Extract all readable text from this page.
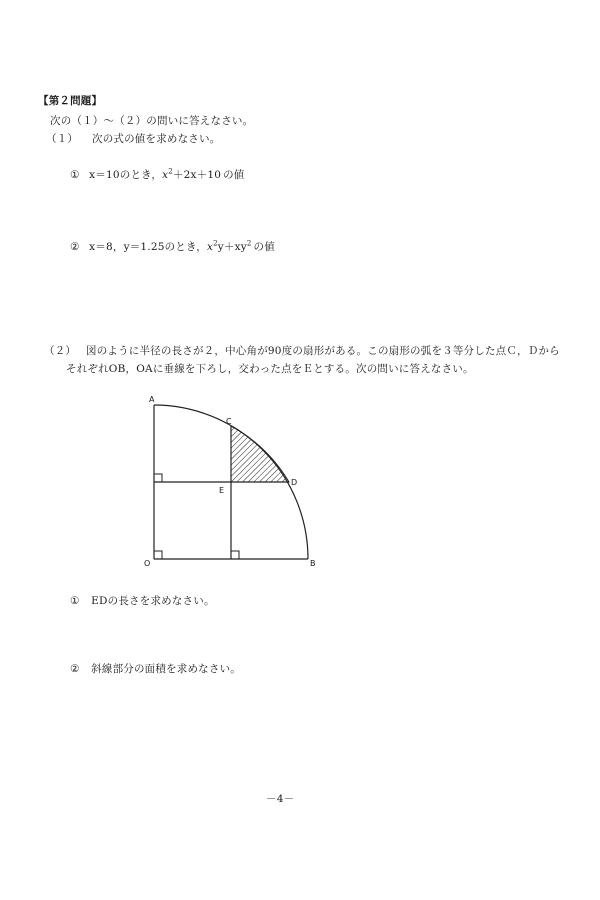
【第２問題】
次の（１）～（２）の問いに答えなさい。
（１） 次の式の値を求めなさい。
① x＝10のとき，$x^2+2x+10$ の値
② x＝8，y＝1.25のとき，$x^2y+xy^2$ の値
（２） 図のように半径の長さが２，中心角が90度の扇形がある。この扇形の弧を３等分した点Ｃ，Ｄから
それぞれOB，OAに垂線を下ろし，交わった点をＥとする。次の問いに答えなさい。
A
C
D
E
O	B
① EDの長さを求めなさい。
② 斜線部分の面積を求めなさい。
－4－
